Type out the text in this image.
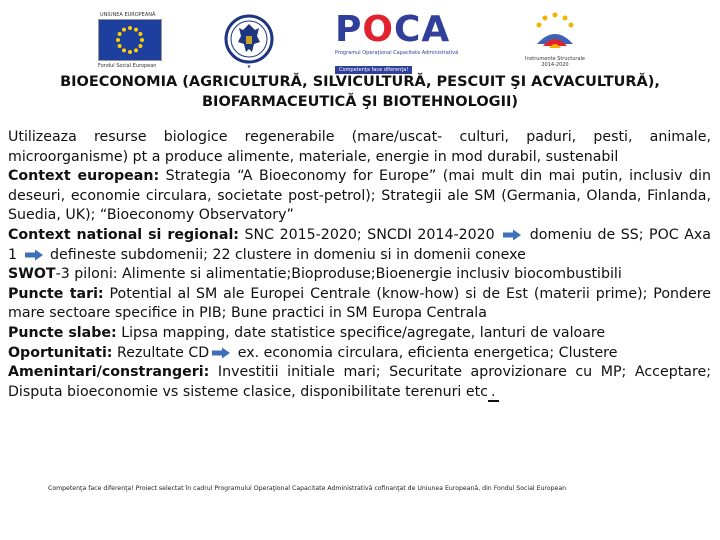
UNIUNEA EUROPEANĂ
Fondul Social European	★
POCA
Programul Operaţional Capacitate Administrativă
Competenţa face diferenţa!
Instrumente Structurale
2014-2020
BIOECONOMIA (AGRICULTURĂ, SILVICULTURĂ, PESCUIT ŞI ACVACULTURĂ),
BIOFARMACEUTICĂ ŞI BIOTEHNOLOGII)

Utilizeaza resurse biologice regenerabile (mare/uscat- culturi, paduri, pesti, animale, microorganisme) pt a produce alimente, materiale, energie in mod durabil, sustenabil

Context european: Strategia “A Bioeconomy for Europe” (mai mult din mai putin, inclusiv din deseuri, economie circulara, societate post-petrol); Strategii ale SM (Germania, Olanda, Finlanda, Suedia, UK); “Bioeconomy Observatory”

Context national si regional: SNC 2015-2020; SNCDI 2014-2020  domeniu de SS; POC Axa 1  defineste subdomenii; 22 clustere in domeniu si in domenii conexe

SWOT-3 piloni: Alimente si alimentatie;Bioproduse;Bioenergie inclusiv biocombustibili

Puncte tari: Potential al SM ale Europei Centrale (know-how) si de Est (materii prime); Pondere mare sectoare specifice in PIB; Bune practici in SM Europa Centrala

Puncte slabe: Lipsa mapping, date statistice specifice/agregate, lanturi de valoare

Oportunitati: Rezultate CD ex. economia circulara, eficienta energetica; Clustere

Amenintari/constrangeri: Investitii initiale mari; Securitate aprovizionare cu MP; Acceptare; Disputa bioeconomie vs sisteme clasice, disponibilitate terenuri etc .

Competenţa face diferenţa! Proiect selectat în cadrul Programului Operaţional Capacitate Administrativă cofinanţat de Uniunea Europeană, din Fondul Social European
